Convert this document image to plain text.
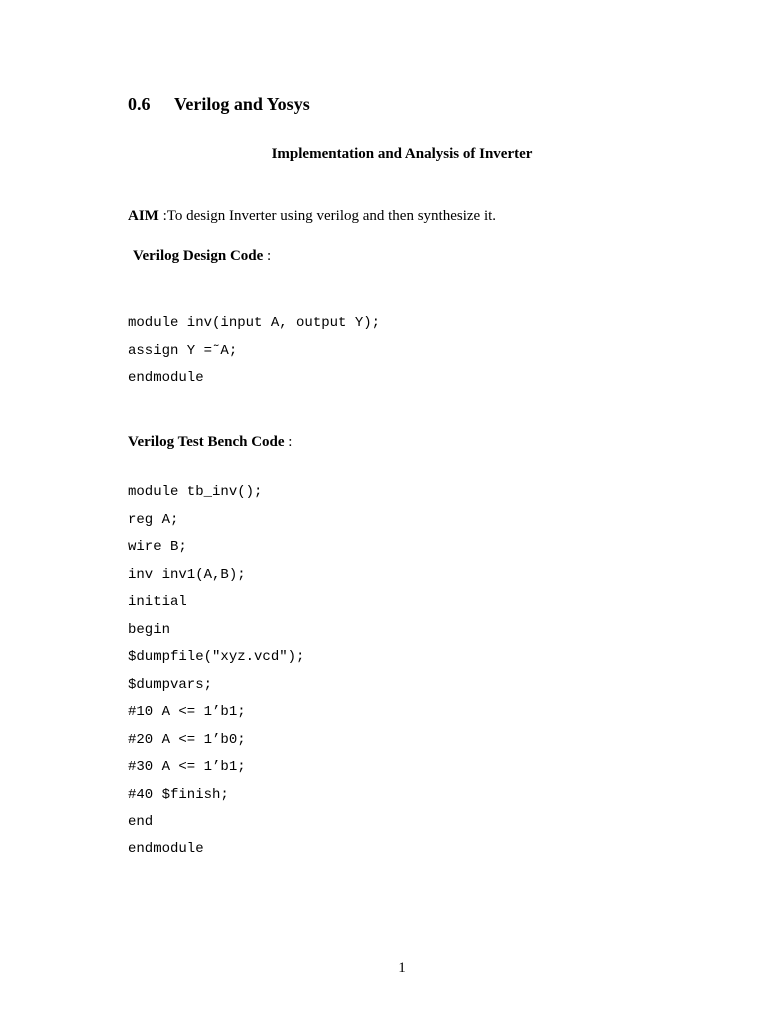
0.6 Verilog and Yosys
Implementation and Analysis of Inverter
AIM :To design Inverter using verilog and then synthesize it.
Verilog Design Code :
module inv(input A, output Y);
assign Y =˜A;
endmodule
Verilog Test Bench Code :
module tb_inv();
reg A;
wire B;
inv inv1(A,B);
initial
begin
$dumpfile("xyz.vcd");
$dumpvars;
#10 A <= 1’b1;
#20 A <= 1’b0;
#30 A <= 1’b1;
#40 $finish;
end
endmodule
1
